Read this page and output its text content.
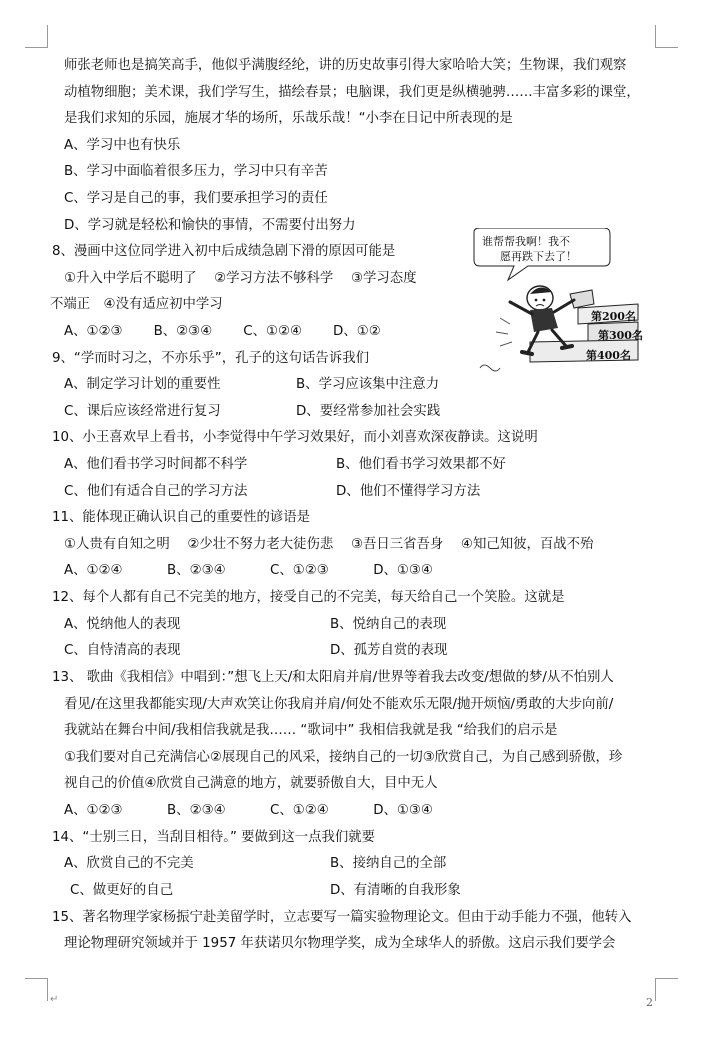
师张老师也是搞笑高手，他似乎满腹经纶，讲的历史故事引得大家哈哈大笑；生物课，我们观察
动植物细胞；美术课，我们学写生，描绘春景；电脑课，我们更是纵横驰骋……丰富多彩的课堂，
是我们求知的乐园，施展才华的场所，乐哉乐哉！“小李在日记中所表现的是
A、学习中也有快乐
B、学习中面临着很多压力，学习中只有辛苦
C、学习是自己的事，我们要承担学习的责任
D、学习就是轻松和愉快的事情，不需要付出努力
8、漫画中这位同学进入初中后成绩急剧下滑的原因可能是
①升入中学后不聪明了　 ②学习方法不够科学　 ③学习态度
不端正　④没有适应初中学习
A、①②③　　 B、②③④　　 C、①②④　　 D、①②
9、“学而时习之，不亦乐乎”，孔子的这句话告诉我们
A、制定学习计划的重要性	B、学习应该集中注意力
C、课后应该经常进行复习	D、要经常参加社会实践
10、小王喜欢早上看书，小李觉得中午学习效果好，而小刘喜欢深夜静读。这说明
A、他们看书学习时间都不科学	B、他们看书学习效果都不好
C、他们有适合自己的学习方法	D、他们不懂得学习方法
11、能体现正确认识自己的重要性的谚语是
①人贵有自知之明　 ②少壮不努力老大徒伤悲　 ③吾日三省吾身　 ④知己知彼，百战不殆
A、①②④　　　 B、②③④　　　 C、①②③　　　 D、①③④
12、每个人都有自己不完美的地方，接受自己的不完美，每天给自己一个笑脸。这就是
A、悦纳他人的表现	B、悦纳自己的表现
C、自恃清高的表现	D、孤芳自赏的表现
13、 歌曲《我相信》中唱到：”想飞上天/和太阳肩并肩/世界等着我去改变/想做的梦/从不怕别人
看见/在这里我都能实现/大声欢笑让你我肩并肩/何处不能欢乐无限/抛开烦恼/勇敢的大步向前/
我就站在舞台中间/我相信我就是我…… “歌词中” 我相信我就是我 “给我们的启示是
①我们要对自己充满信心②展现自己的风采，接纳自己的一切③欣赏自己，为自己感到骄傲，珍
视自己的价值④欣赏自己满意的地方，就要骄傲自大，目中无人
A、①②③　　　 B、②③④　　　 C、①②④　　　 D、①③④
14、“士别三日，当刮目相待。” 要做到这一点我们就要
A、欣赏自己的不完美	B、接纳自己的全部
C、做更好的自己	D、有清晰的自我形象
15、著名物理学家杨振宁赴美留学时，立志要写一篇实验物理论文。但由于动手能力不强，他转入
理论物理研究领域并于 1957 年获诺贝尔物理学奖，成为全球华人的骄傲。这启示我们要学会
谁帮帮我啊！我不
愿再跌下去了！
第200名
第300名
第400名
2
↵
